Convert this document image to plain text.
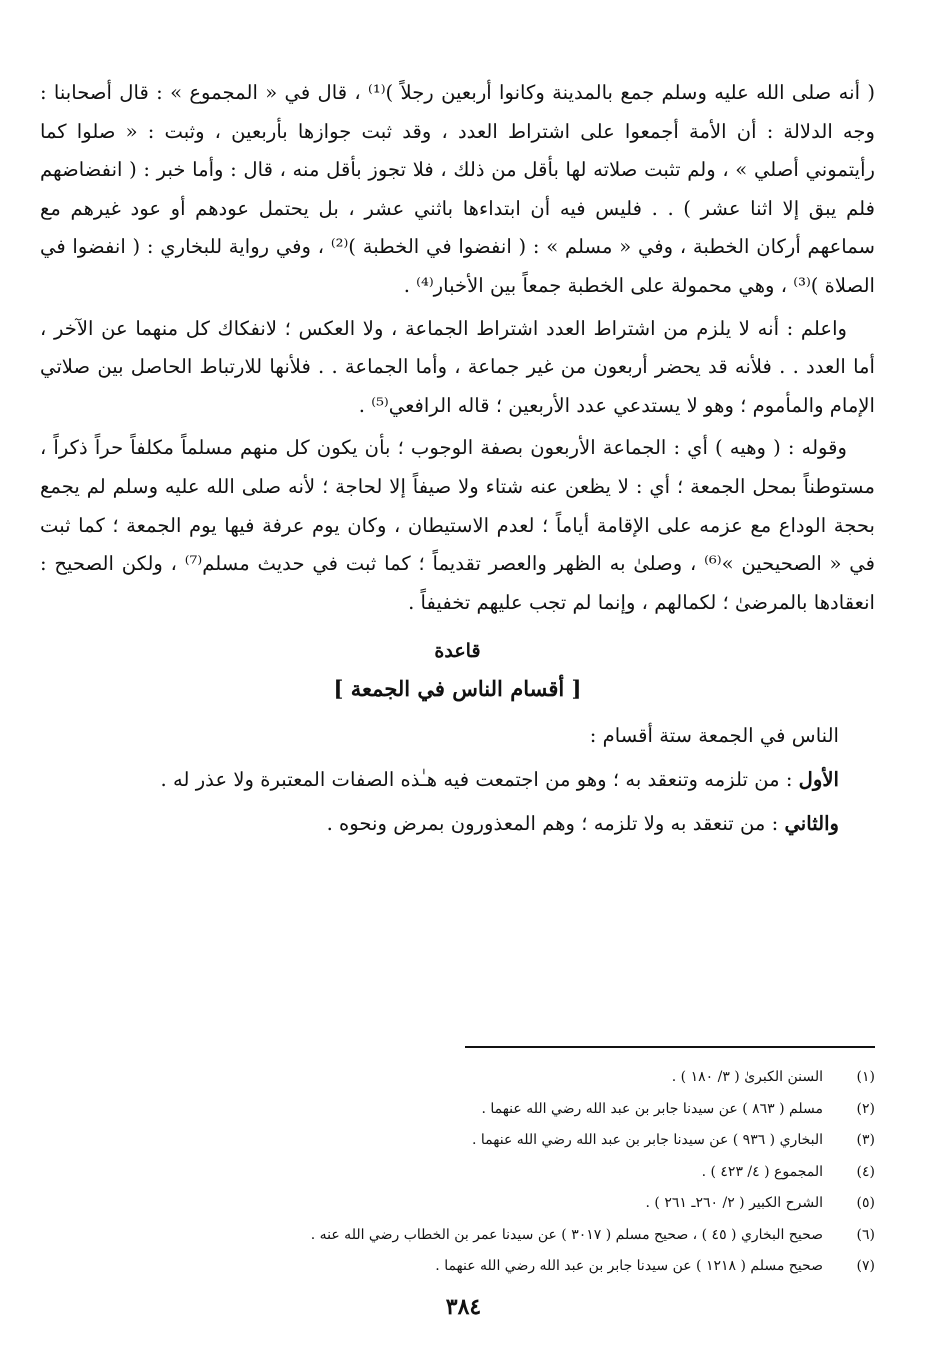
( أنه صلى الله عليه وسلم جمع بالمدينة وكانوا أربعين رجلاً )⁽¹⁾ ، قال في « المجموع » : قال أصحابنا : وجه الدلالة : أن الأمة أجمعوا على اشتراط العدد ، وقد ثبت جوازها بأربعين ، وثبت : « صلوا كما رأيتموني أصلي » ، ولم تثبت صلاته لها بأقل من ذلك ، فلا تجوز بأقل منه ، قال : وأما خبر : ( انفضاضهم فلم يبق إلا اثنا عشر ) . . فليس فيه أن ابتداءها باثني عشر ، بل يحتمل عودهم أو عود غيرهم مع سماعهم أركان الخطبة ، وفي « مسلم » : ( انفضوا في الخطبة )⁽²⁾ ، وفي رواية للبخاري : ( انفضوا في الصلاة )⁽³⁾ ، وهي محمولة على الخطبة جمعاً بين الأخبار⁽⁴⁾ .

واعلم : أنه لا يلزم من اشتراط العدد اشتراط الجماعة ، ولا العكس ؛ لانفكاك كل منهما عن الآخر ، أما العدد . . فلأنه قد يحضر أربعون من غير جماعة ، وأما الجماعة . . فلأنها للارتباط الحاصل بين صلاتي الإمام والمأموم ؛ وهو لا يستدعي عدد الأربعين ؛ قاله الرافعي⁽⁵⁾ .

وقوله : ( وهيه ) أي : الجماعة الأربعون بصفة الوجوب ؛ بأن يكون كل منهم مسلماً مكلفاً حراً ذكراً ، مستوطناً بمحل الجمعة ؛ أي : لا يظعن عنه شتاء ولا صيفاً إلا لحاجة ؛ لأنه صلى الله عليه وسلم لم يجمع بحجة الوداع مع عزمه على الإقامة أياماً ؛ لعدم الاستيطان ، وكان يوم عرفة فيها يوم الجمعة ؛ كما ثبت في « الصحيحين »⁽⁶⁾ ، وصلىٰ به الظهر والعصر تقديماً ؛ كما ثبت في حديث مسلم⁽⁷⁾ ، ولكن الصحيح : انعقادها بالمرضىٰ ؛ لكمالهم ، وإنما لم تجب عليهم تخفيفاً .

قاعدة
[ أقسام الناس في الجمعة ]

الناس في الجمعة ستة أقسام :

الأول : من تلزمه وتنعقد به ؛ وهو من اجتمعت فيه هـٰذه الصفات المعتبرة ولا عذر له .

والثاني : من تنعقد به ولا تلزمه ؛ وهم المعذورون بمرض ونحوه .

(١)
السنن الكبرىٰ ( ٣/ ١٨٠ ) .
(٢)
مسلم ( ٨٦٣ ) عن سيدنا جابر بن عبد الله رضي الله عنهما .
(٣)
البخاري ( ٩٣٦ ) عن سيدنا جابر بن عبد الله رضي الله عنهما .
(٤)
المجموع ( ٤/ ٤٢٣ ) .
(٥)
الشرح الكبير ( ٢/ ٢٦٠ـ ٢٦١ ) .
(٦)
صحيح البخاري ( ٤٥ ) ، صحيح مسلم ( ٣٠١٧ ) عن سيدنا عمر بن الخطاب رضي الله عنه .
(٧)
صحيح مسلم ( ١٢١٨ ) عن سيدنا جابر بن عبد الله رضي الله عنهما .
٣٨٤
